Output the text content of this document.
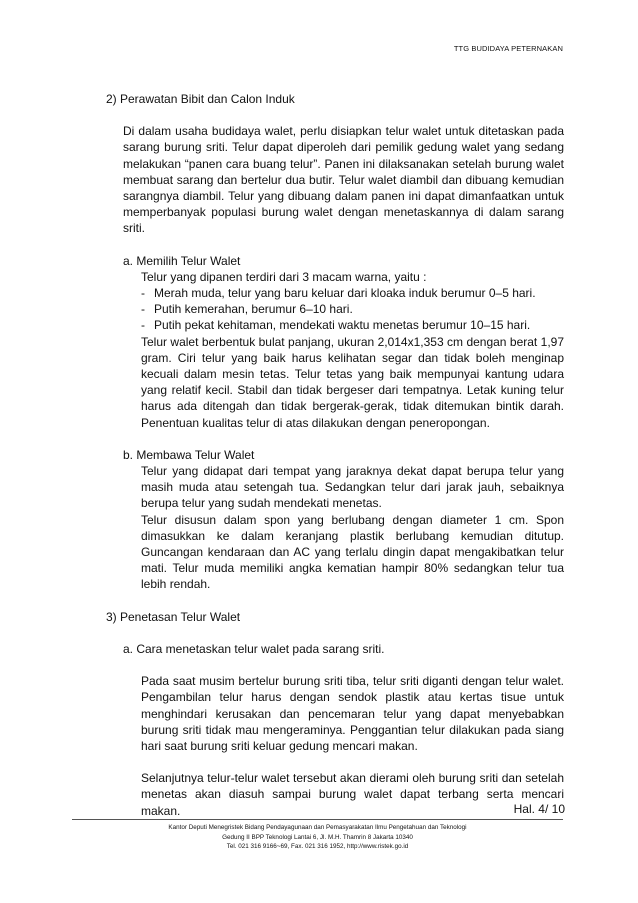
TTG BUDIDAYA PETERNAKAN

2) Perawatan Bibit dan Calon Induk

Di dalam usaha budidaya walet, perlu disiapkan telur walet untuk ditetaskan pada sarang burung sriti. Telur dapat diperoleh dari pemilik gedung walet yang sedang melakukan “panen cara buang telur”. Panen ini dilaksanakan setelah burung walet membuat sarang dan bertelur dua butir. Telur walet diambil dan dibuang kemudian sarangnya diambil. Telur yang dibuang dalam panen ini dapat dimanfaatkan untuk memperbanyak populasi burung walet dengan menetaskannya di dalam sarang sriti.

a. Memilih Telur Walet

Telur yang dipanen terdiri dari 3 macam warna, yaitu :

- Merah muda, telur yang baru keluar dari kloaka induk berumur 0–5 hari.
- Putih kemerahan, berumur 6–10 hari.
- Putih pekat kehitaman, mendekati waktu menetas berumur 10–15 hari.

Telur walet berbentuk bulat panjang, ukuran 2,014x1,353 cm dengan berat 1,97 gram. Ciri telur yang baik harus kelihatan segar dan tidak boleh menginap kecuali dalam mesin tetas. Telur tetas yang baik mempunyai kantung udara yang relatif kecil. Stabil dan tidak bergeser dari tempatnya. Letak kuning telur harus ada ditengah dan tidak bergerak-gerak, tidak ditemukan bintik darah. Penentuan kualitas telur di atas dilakukan dengan peneropongan.

b. Membawa Telur Walet

Telur yang didapat dari tempat yang jaraknya dekat dapat berupa telur yang masih muda atau setengah tua. Sedangkan telur dari jarak jauh, sebaiknya berupa telur yang sudah mendekati menetas.

Telur disusun dalam spon yang berlubang dengan diameter 1 cm. Spon dimasukkan ke dalam keranjang plastik berlubang kemudian ditutup. Guncangan kendaraan dan AC yang terlalu dingin dapat mengakibatkan telur mati. Telur muda memiliki angka kematian hampir 80% sedangkan telur tua lebih rendah.

3) Penetasan Telur Walet

a. Cara menetaskan telur walet pada sarang sriti.

Pada saat musim bertelur burung sriti tiba, telur sriti diganti dengan telur walet. Pengambilan telur harus dengan sendok plastik atau kertas tisue untuk menghindari kerusakan dan pencemaran telur yang dapat menyebabkan burung sriti tidak mau mengeraminya. Penggantian telur dilakukan pada siang hari saat burung sriti keluar gedung mencari makan.

Selanjutnya telur-telur walet tersebut akan dierami oleh burung sriti dan setelah menetas akan diasuh sampai burung walet dapat terbang serta mencari makan.	Hal. 4/ 10
Kantor Deputi Menegristek Bidang Pendayagunaan dan Pemasyarakatan Ilmu Pengetahuan dan Teknologi
Gedung II BPP Teknologi Lantai 6, Jl. M.H. Thamrin 8 Jakarta 10340
Tel. 021 316 9166~69, Fax. 021 316 1952, http://www.ristek.go.id
